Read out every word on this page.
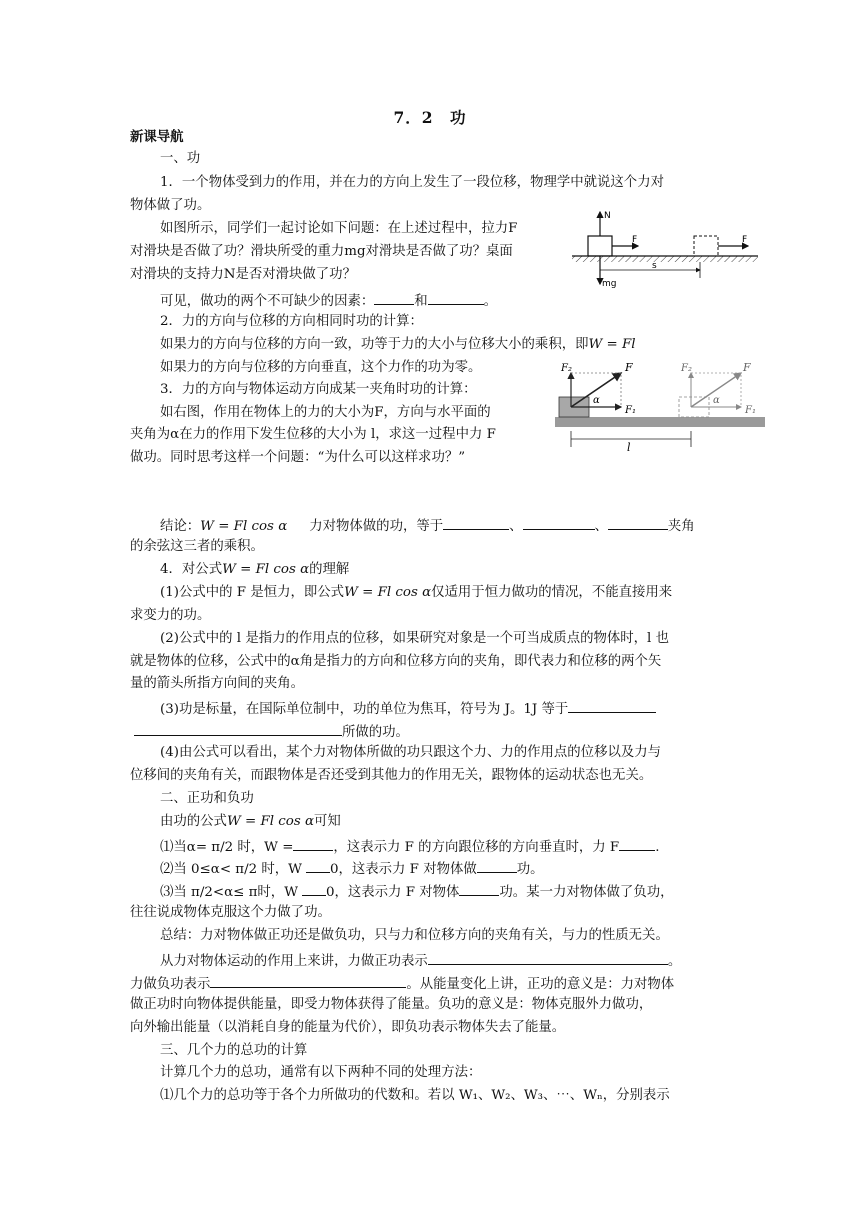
7．2　功
新课导航
一、功
1．一个物体受到力的作用，并在力的方向上发生了一段位移，物理学中就说这个力对
物体做了功。
如图所示，同学们一起讨论如下问题：在上述过程中，拉力F
对滑块是否做了功？滑块所受的重力mg对滑块是否做了功？桌面
对滑块的支持力N是否对滑块做了功？
可见，做功的两个不可缺少的因素：	和	。
2．力的方向与位移的方向相同时功的计算：
如果力的方向与位移的方向一致，功等于力的大小与位移大小的乘积，即W = Fl
如果力的方向与位移的方向垂直，这个力作的功为零。
3．力的方向与物体运动方向成某一夹角时功的计算：
如右图，作用在物体上的力的大小为F，方向与水平面的
夹角为α在力的作用下发生位移的大小为 l，求这一过程中力 F
做功。同时思考这样一个问题：“为什么可以这样求功？”
结论：W = Fl cos α 力对物体做的功，等于	、	、	夹角
的余弦这三者的乘积。
4．对公式W = Fl cos α的理解
(1)公式中的 F 是恒力，即公式W = Fl cos α仅适用于恒力做功的情况，不能直接用来
求变力的功。
(2)公式中的 l 是指力的作用点的位移，如果研究对象是一个可当成质点的物体时，l 也
就是物体的位移，公式中的α角是指力的方向和位移方向的夹角，即代表力和位移的两个矢
量的箭头所指方向间的夹角。
(3)功是标量，在国际单位制中，功的单位为焦耳，符号为 J。1J 等于
所做的功。
(4)由公式可以看出，某个力对物体所做的功只跟这个力、力的作用点的位移以及力与
位移间的夹角有关，而跟物体是否还受到其他力的作用无关，跟物体的运动状态也无关。
二、正功和负功
由功的公式W = Fl cos α可知
⑴当α= π/2 时，W =	，这表示力 F 的方向跟位移的方向垂直时，力 F	.
⑵当 0≤α< π/2 时，W 0，这表示力 F 对物体做	功。
⑶当 π/2<α≤ π时，W 0，这表示力 F 对物体	功。某一力对物体做了负功，
往往说成物体克服这个力做了功。
总结：力对物体做正功还是做负功，只与力和位移方向的夹角有关，与力的性质无关。
从力对物体运动的作用上来讲，力做正功表示	。
力做负功表示	。从能量变化上讲，正功的意义是：力对物体
做正功时向物体提供能量，即受力物体获得了能量。负功的意义是：物体克服外力做功，
向外输出能量（以消耗自身的能量为代价），即负功表示物体失去了能量。
三、几个力的总功的计算
计算几个力的总功，通常有以下两种不同的处理方法：
⑴几个力的总功等于各个力所做功的代数和。若以 W₁、W₂、W₃、⋯、Wₙ，分别表示
N
F	F
mg
s
F₂	F
α
F₁
F₂	F
α
F₁
l
